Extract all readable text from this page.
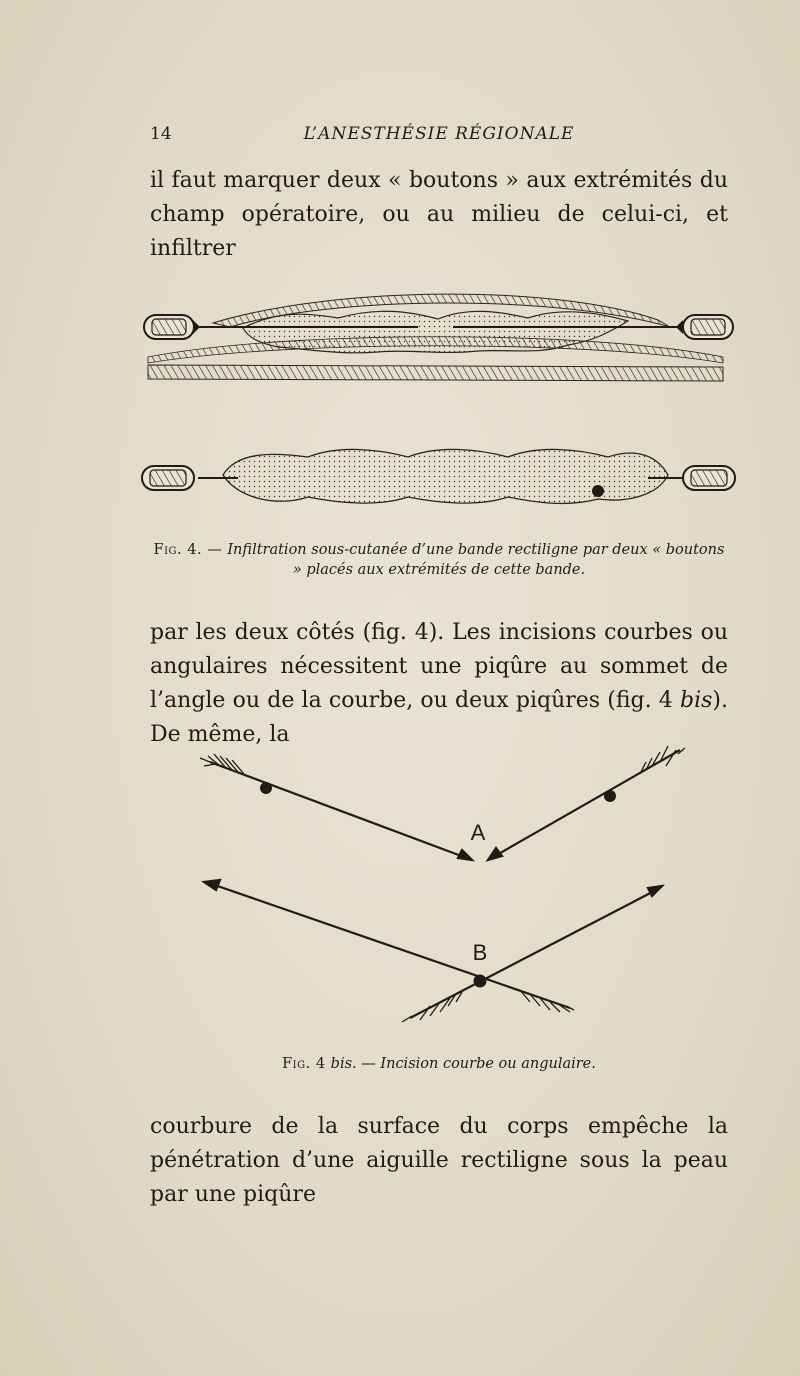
14	L’ANESTHÉSIE RÉGIONALE

il faut marquer deux « boutons » aux extrémités du champ opératoire, ou au milieu de celui-ci, et infiltrer

Fig. 4. — Infiltration sous-cutanée d’une bande rectiligne par deux « boutons » placés aux extrémités de cette bande.

par les deux côtés (fig. 4). Les incisions courbes ou angulaires nécessitent une piqûre au sommet de l’angle ou de la courbe, ou deux piqûres (fig. 4 bis). De même, la

A
B
Fig. 4 bis. — Incision courbe ou angulaire.

courbure de la surface du corps empêche la pénétration d’une aiguille rectiligne sous la peau par une piqûre
